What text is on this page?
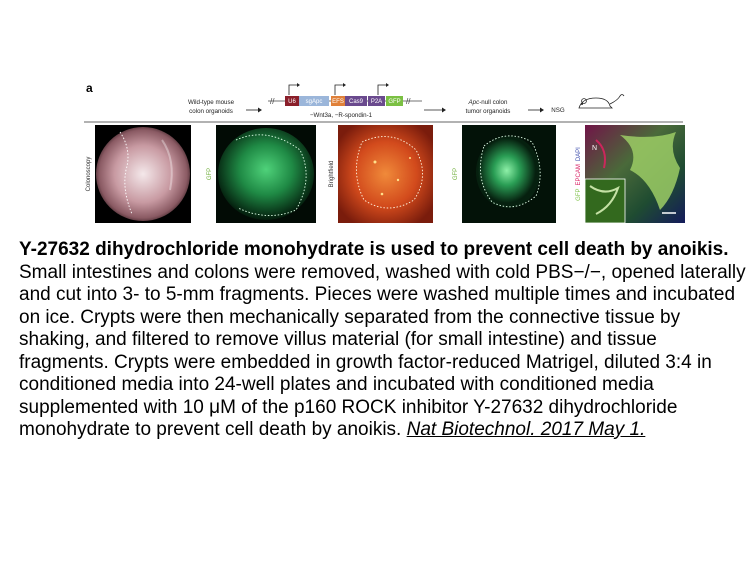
a
Wild-type mouse
colon organoids
//	//
U6 sgApc EFS Cas9 P2A GFP
−Wnt3a, −R-spondin-1
Apc-null colon
tumor organoids	NSG
Colonoscopy	GFP	Brightfield	GFP
N
GFPEPCAMDAPI

Y-27632 dihydrochloride monohydrate is used to prevent cell death by anoikis.

Small intestines and colons were removed, washed with cold PBS−/−, opened laterally and cut into 3- to 5-mm fragments. Pieces were washed multiple times and incubated on ice. Crypts were then mechanically separated from the connective tissue by shaking, and filtered to remove villus material (for small intestine) and tissue fragments. Crypts were embedded in growth factor-reduced Matrigel, diluted 3:4 in conditioned media into 24-well plates and incubated with conditioned media supplemented with 10 μM of the p160 ROCK inhibitor Y-27632 dihydrochloride monohydrate to prevent cell death by anoikis. Nat Biotechnol. 2017 May 1.
